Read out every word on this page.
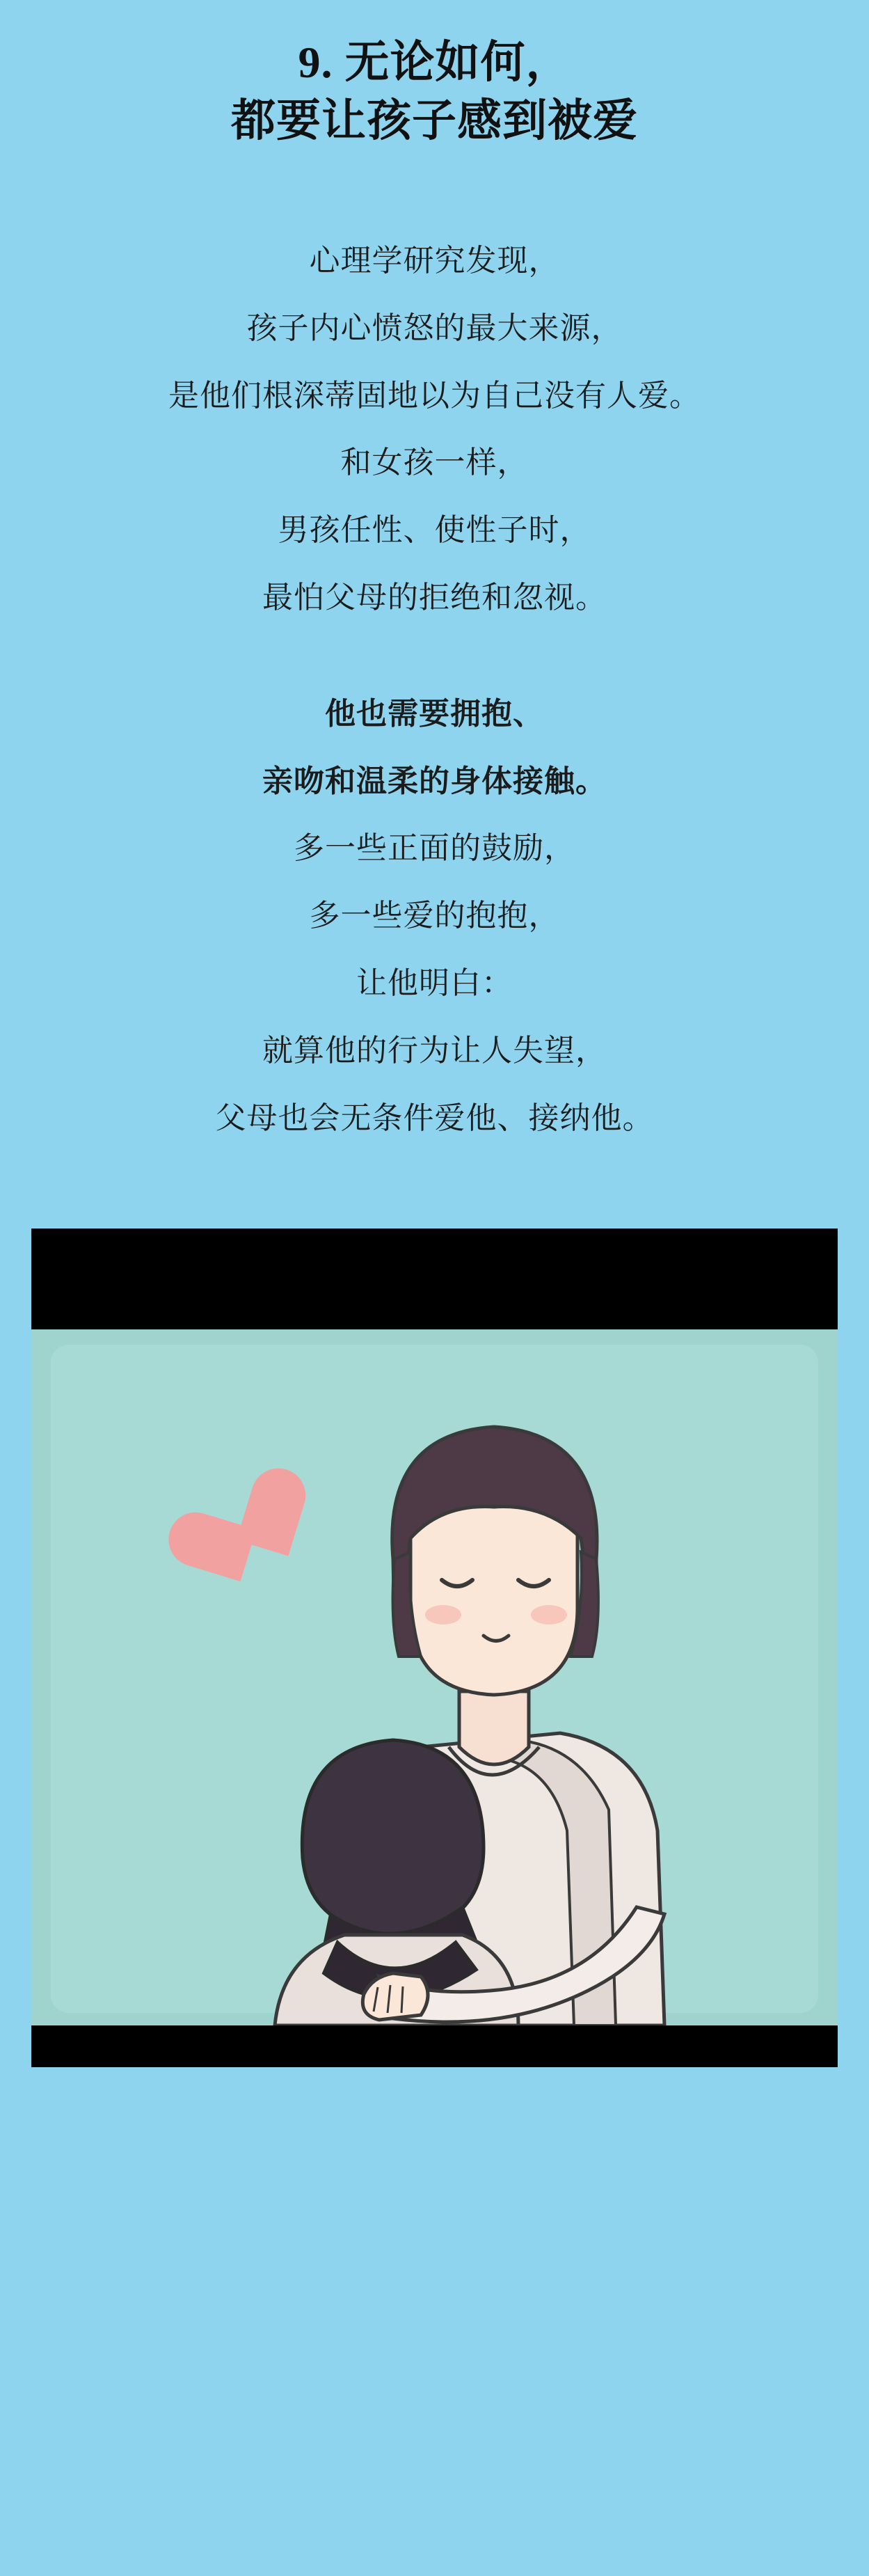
9. 无论如何，
都要让孩子感到被爱
心理学研究发现，
孩子内心愤怒的最大来源，
是他们根深蒂固地以为自己没有人爱。
和女孩一样，
男孩任性、使性子时，
最怕父母的拒绝和忽视。
他也需要拥抱、
亲吻和温柔的身体接触。
多一些正面的鼓励，
多一些爱的抱抱，
让他明白：
就算他的行为让人失望，
父母也会无条件爱他、接纳他。
